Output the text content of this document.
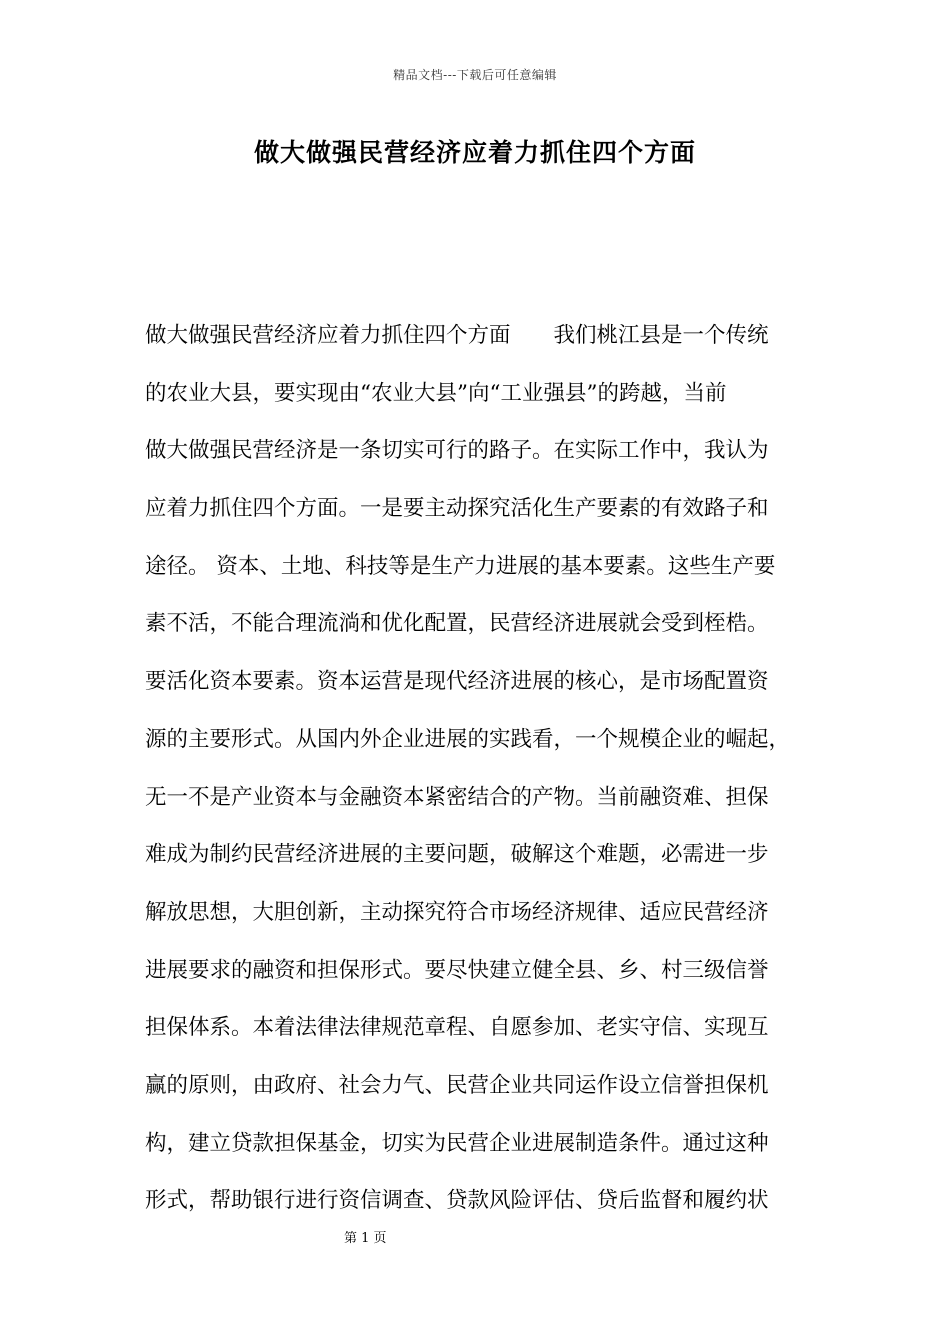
精品文档---下载后可任意编辑
做大做强民营经济应着力抓住四个方面
做大做强民营经济应着力抓住四个方面　　我们桃江县是一个传统
的农业大县，要实现由“农业大县”向“工业强县”的跨越，当前
做大做强民营经济是一条切实可行的路子。在实际工作中，我认为
应着力抓住四个方面。一是要主动探究活化生产要素的有效路子和
途径。 资本、土地、科技等是生产力进展的基本要素。这些生产要
素不活，不能合理流淌和优化配置，民营经济进展就会受到桎梏。
要活化资本要素。资本运营是现代经济进展的核心，是市场配置资
源的主要形式。从国内外企业进展的实践看，一个规模企业的崛起，
无一不是产业资本与金融资本紧密结合的产物。当前融资难、担保
难成为制约民营经济进展的主要问题，破解这个难题，必需进一步
解放思想，大胆创新，主动探究符合市场经济规律、适应民营经济
进展要求的融资和担保形式。要尽快建立健全县、乡、村三级信誉
担保体系。本着法律法律规范章程、自愿参加、老实守信、实现互
赢的原则，由政府、社会力气、民营企业共同运作设立信誉担保机
构，建立贷款担保基金，切实为民营企业进展制造条件。通过这种
形式，帮助银行进行资信调查、贷款风险评估、贷后监督和履约状
第 1 页
